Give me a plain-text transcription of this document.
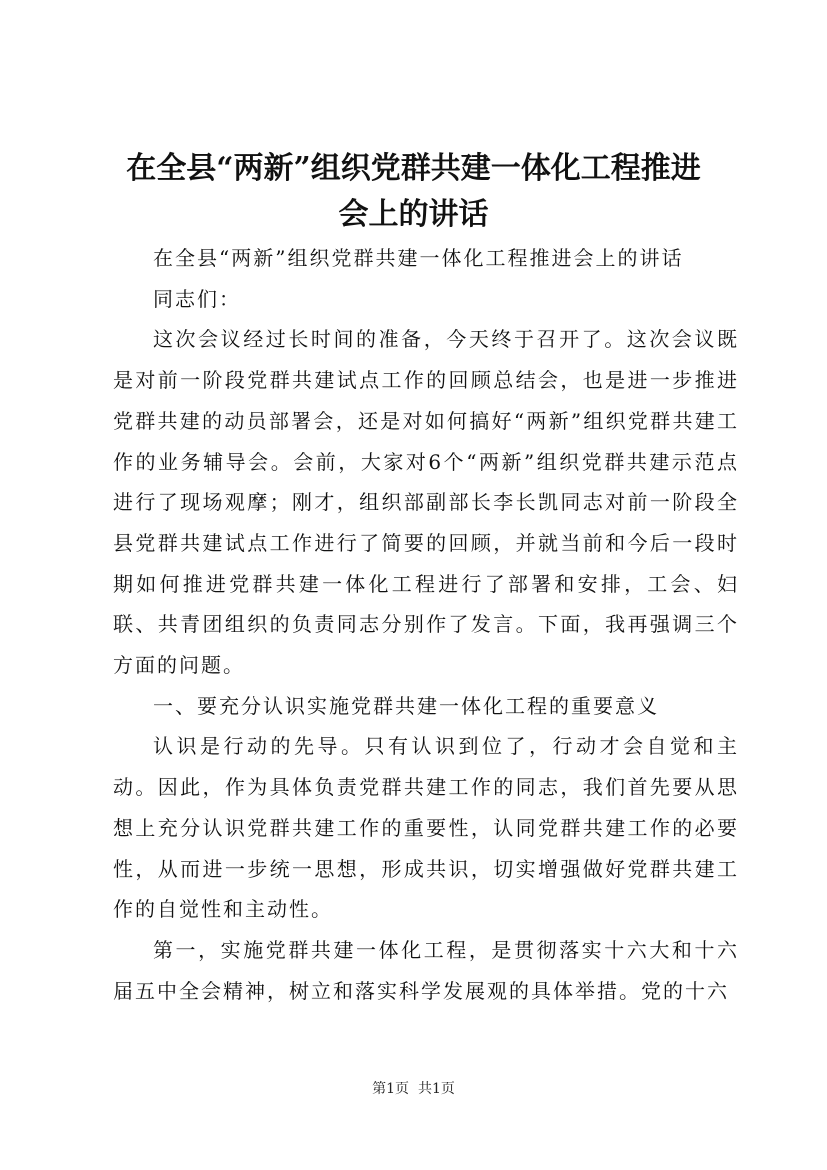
在全县“两新”组织党群共建一体化工程推进
会上的讲话

在全县“两新”组织党群共建一体化工程推进会上的讲话

同志们：

这次会议经过长时间的准备，今天终于召开了。这次会议既是对前一阶段党群共建试点工作的回顾总结会，也是进一步推进党群共建的动员部署会，还是对如何搞好“两新”组织党群共建工作的业务辅导会。会前，大家对6个“两新”组织党群共建示范点进行了现场观摩；刚才，组织部副部长李长凯同志对前一阶段全县党群共建试点工作进行了简要的回顾，并就当前和今后一段时期如何推进党群共建一体化工程进行了部署和安排，工会、妇联、共青团组织的负责同志分别作了发言。下面，我再强调三个方面的问题。

一、要充分认识实施党群共建一体化工程的重要意义

认识是行动的先导。只有认识到位了，行动才会自觉和主动。因此，作为具体负责党群共建工作的同志，我们首先要从思想上充分认识党群共建工作的重要性，认同党群共建工作的必要性，从而进一步统一思想，形成共识，切实增强做好党群共建工作的自觉性和主动性。

第一，实施党群共建一体化工程，是贯彻落实十六大和十六届五中全会精神，树立和落实科学发展观的具体举措。党的十六

第1页  共1页
